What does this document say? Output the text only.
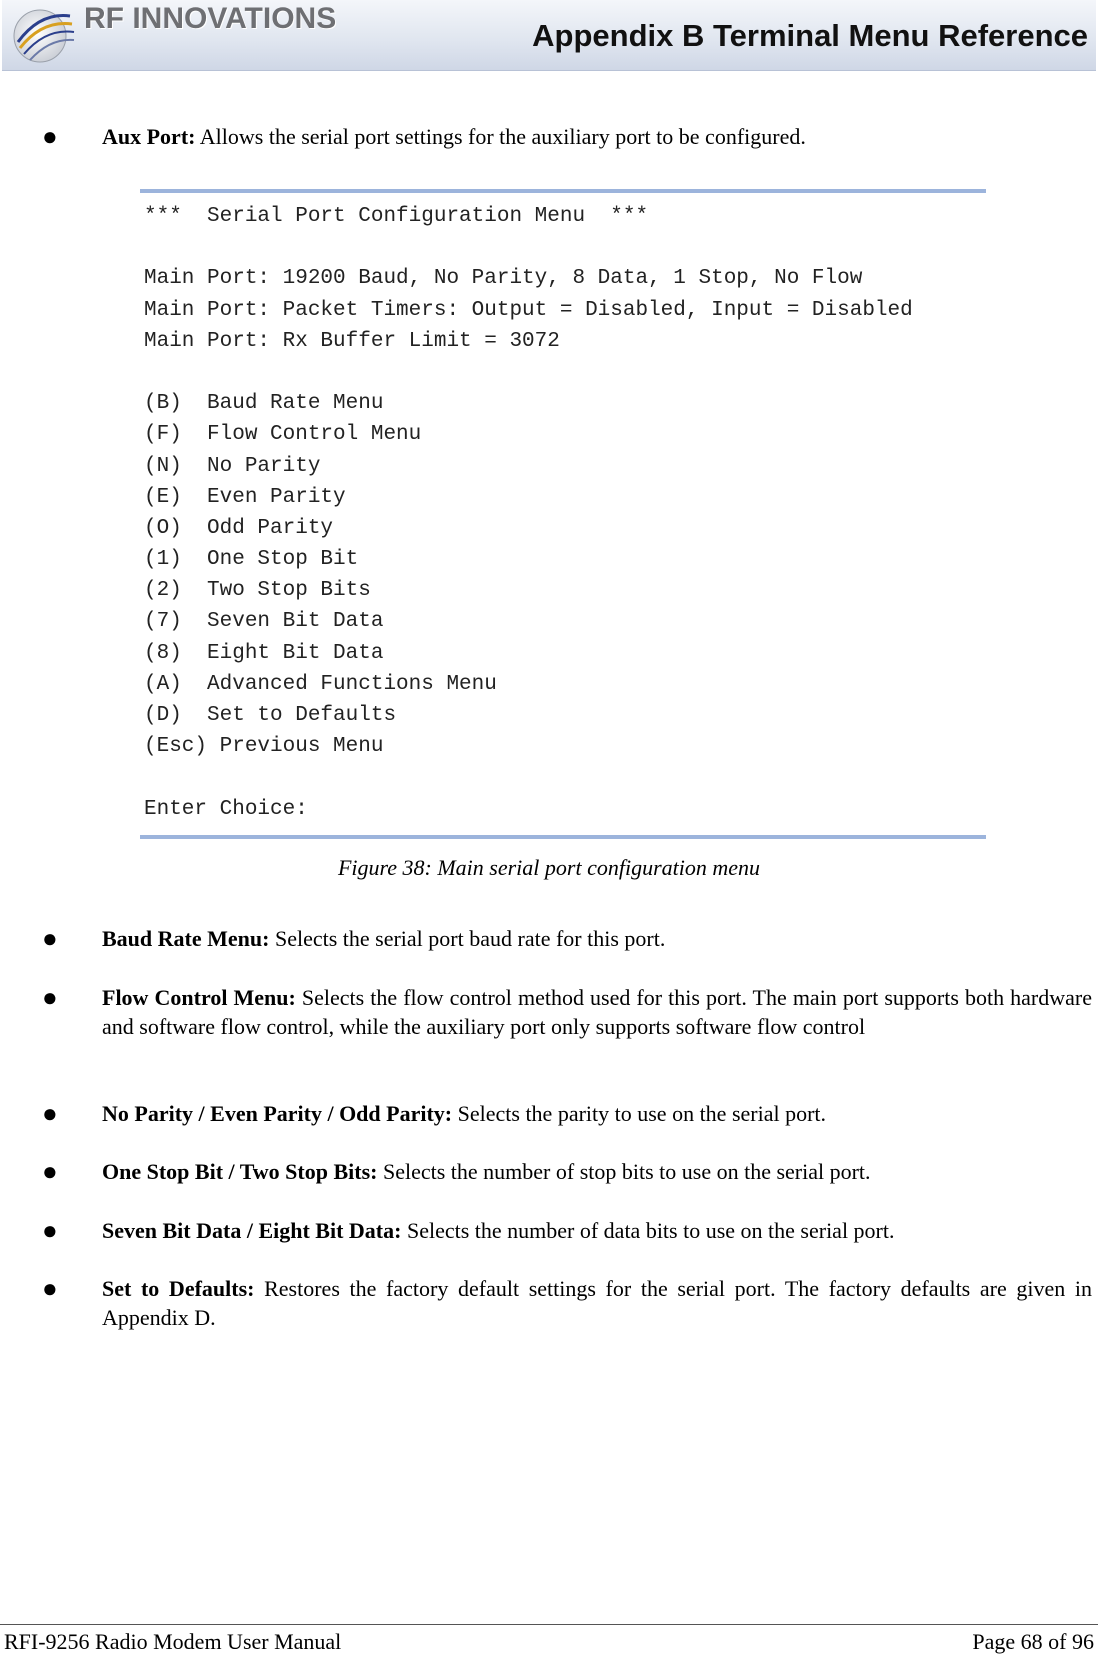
RF INNOVATIONS	Appendix B Terminal Menu Reference
● Aux Port: Allows the serial port settings for the auxiliary port to be configured.
***  Serial Port Configuration Menu  ***
Main Port: 19200 Baud, No Parity, 8 Data, 1 Stop, No Flow
Main Port: Packet Timers: Output = Disabled, Input = Disabled
Main Port: Rx Buffer Limit = 3072
(B)  Baud Rate Menu
(F)  Flow Control Menu
(N)  No Parity
(E)  Even Parity
(O)  Odd Parity
(1)  One Stop Bit
(2)  Two Stop Bits
(7)  Seven Bit Data
(8)  Eight Bit Data
(A)  Advanced Functions Menu
(D)  Set to Defaults
(Esc) Previous Menu
Enter Choice:
Figure 38: Main serial port configuration menu
● Baud Rate Menu: Selects the serial port baud rate for this port.
● Flow Control Menu: Selects the flow control method used for this port. The main port supports both hardware and software flow control, while the auxiliary port only supports software flow control
● No Parity / Even Parity / Odd Parity: Selects the parity to use on the serial port.
● One Stop Bit / Two Stop Bits: Selects the number of stop bits to use on the serial port.
● Seven Bit Data / Eight Bit Data: Selects the number of data bits to use on the serial port.
● Set to Defaults: Restores the factory default settings for the serial port. The factory defaults are given in Appendix D.
RFI-9256 Radio Modem User Manual	Page 68 of 96
